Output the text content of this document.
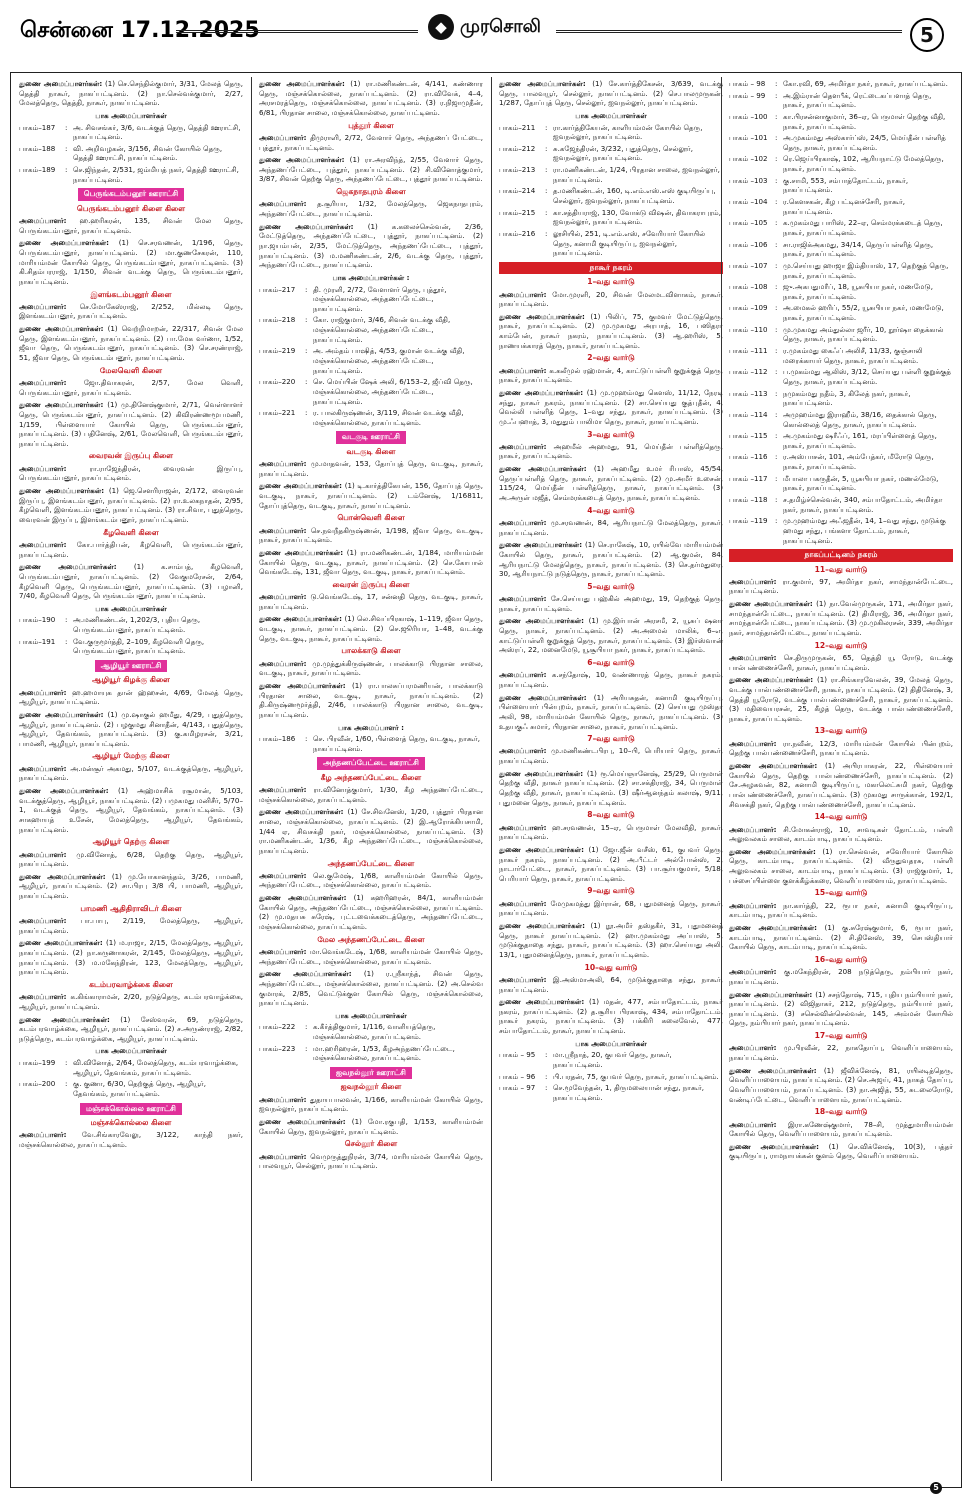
சென்னை 17.12.2025	◆ முரசொலி	5

துணை அமைப்பாளர்கள்: (1) செ.செந்தில்குமார், 3/31, மேலத் தெரு, தெத்தி நாகூர், நாகப்பட்டினம். (2) நா.செல்வக்குமார், 2/27, மேலத்தெரு, தெத்தி, நாகூர், நாகப்பட்டினம்.

பாக அமைப்பாளர்கள்
பாகம்–187	: அ. சிவசங்கர், 3/6, வடக்குத் தெரு, தெத்தி ஊராட்சி, நாகப்பட்டினம்.
பாகம்–188	: வி. அறிவழகன், 3/156, சிவன் கோயில் தெரு, தெத்தி ஊராட்சி, நாகப்பட்டினம்.
பாகம்–189	: செ.ஜிந்தன், 2/531, ஜம்மியத் நகர், தெத்தி ஊராட்சி, நாகப்பட்டினம்.
பெருங்கடம்பனூர் ஊராட்சி
பெருங்கடம்பனூர் கிளை கிளை

அமைப்பாளர்: ஹ.ஹரிகரன், 135, சிவன் மேல தெரு, பெருங்கடம்பனூர், நாகப்பட்டினம்.

துணை அமைப்பாளர்கள்: (1) செ.சரவணன், 1/196, தெரு, பெருங்கடம்பனூர், நாகப்பட்டினம். (2) மா.குணசேகரன், 110, மாரியம்மன் கோயில் தெரு, பெருங்கடம்பனூர், நாகப்பட்டினம். (3) கி.சிதம்பரராஜ், 1/150, சிவன் வடக்கு தெரு, பெருங்கடம்பனூர், நாகப்பட்டினம்.

இளங்கடம்பனூர் கிளை

அமைப்பாளர்: செ.மோகேஸ்ராஜ், 2/252, மில்லடி தெரு, இளங்கடம்பனூர், நாகப்பட்டினம்.

துணை அமைப்பாளர்கள்: (1) வெற்றிமாறன், 22/317, சிவன் மேல தெரு, இளங்கடம்பனூர், நாகப்பட்டினம். (2) பா.மேக வர்ணா, 1/52, ஜீவா தெரு, பெருங்கடம்பனூர், நாகப்பட்டினம். (3) செ.சரண்ராஜ், 51, ஜீவா தெரு, பெருங்கடம்பனூர், நாகப்பட்டினம்.

மேலவெளி கிளை

அமைப்பாளர்: ஜோ.திவாகரன், 2/57, மேல வெளி, பெருங்கடம்பனூர், நாகப்பட்டினம்.

துணை அமைப்பாளர்கள்: (1) மு.தினேஷ்குமார், 2/71, வெள்ளாளர் தெரு, பெருங்கடம்பனூர், நாகப்பட்டினம். (2) கிவிரண்ணமூபமணி, 1/159, பிள்ளையார் கோயில் தெரு, பெருங்கடம்பனூர், நாகப்பட்டினம். (3) பதினேஷ், 2/61, மேலவெளி, பெருங்கடம்பனூர், நாகப்பட்டினம்.

வைரவன் இருப்பு கிளை

அமைப்பாளர்: ரா.ராஜேந்திரன், வைரவன் இருப்பு, பெருங்கடம்பனூர், நாகப்பட்டினம்.

துணை அமைப்பாளர்கள்: (1) ஜெ.சௌரிராஜன், 2/172, வைரவன் இருப்பு, இளங்கடம்பனூர், நாகப்பட்டினம். (2) ரா.உலகநாதன், 2/95, கீழவெளி, இளங்கடம்பனூர், நாகப்பட்டினம். (3) ரா.சிவா, புதுத்தெரு, வைரவன் இருப்பு, இளங்கடம்பனூர், நாகப்பட்டினம்.

கீழவெளி கிளை

அமைப்பாளர்: கோ.பார்த்திபன், கீழவெளி, பெருங்கடம்பனூர், நாகப்பட்டினம்.

துணை அமைப்பாளர்கள்: (1) க.சாம்பத், கீழவெளி, பெருங்கடம்பனூர், நாகப்பட்டினம். (2) வேகுமரேசன், 2/64, கீழவெளி தெரு, பெருங்கடம்பனூர், நாகப்பட்டினம். (3) பழானி, 7/40, கீழவெளி தெரு, பெருங்கடம்பனூர், நாகப்பட்டினம்.

பாக அமைப்பாளர்கள்
பாகம்–190	: அ.மணிகண்டன், 1,202/3, புதிய தெரு, பெருங்கடம்பனூர், நாகப்பட்டினம்.
பாகம்–191	: வே.குருமூர்த்தி, 2–109, கீழவெளி தெரு, பெருங்கடம்பனூர், நாகப்பட்டினம்.
ஆழியூர் ஊராட்சி
ஆழியூர் கிழக்கு கிளை

அமைப்பாளர்: ஹ.ஹமாயுக தான் ஹ்ஹசன், 4/69, மேலத் தெரு, ஆழியூர், நாகப்பட்டினம்.

துணை அமைப்பாளர்கள்: (1) மு.ஷாகுல் ஹமீது, 4/29, புதுத்தெரு, ஆழியூர், நாகப்பட்டினம். (2) பழகுமது சினாதீன், 4/143, புதுத்தெரு, ஆழியூர், தேவங்கம், நாகப்பட்டினம். (3) கு.கமிழரசன், 3/21, பாமணி, ஆழியூர், நாகப்பட்டினம்.

ஆழியூர் மேற்கு கிளை

அமைப்பாளர்: அ.மன்சூர் அகமது, 5/107, வடக்குத்தெரு, ஆழியூர், நாகப்பட்டினம்.

துணை அமைப்பாளர்கள்: (1) அஹ்மாசிக் ரசூமான், 5/103, வடக்குத்தெரு, ஆழியூர், நாகப்பட்டினம். (2) பமுகமது மனிசீர், 5/70–1, வடக்குத் தெரு, ஆழியூர், தேவங்கம், நாகப்பட்டினம். (3) சாகஹாயத் உசேன், மேலத்தெரு, ஆழியூர், தேவங்கம், நாகப்பட்டினம்.

ஆழியூர் தெற்கு கிளை

அமைப்பாளர்: மு.வினோத், 6/28, தெற்கு தெரு, ஆழியூர், நாகப்பட்டினம்.

துணை அமைப்பாளர்கள்: (1) மு.யோகானந்தம், 3/26, பாமணி, ஆழியூர், நாகப்பட்டினம். (2) சா.பிரபு 3/8 பி, பாமணி, ஆழியூர், நாகப்பட்டினம்.

பாமணி ஆதிதிராவிடர் கிளை

அமைப்பாளர்: பா.பாபு, 2/119, மேலத்தெரு, ஆழியூர், நாகப்பட்டினம்.

துணை அமைப்பாளர்கள்: (1) ம.ராஜா, 2/15, மேலத்தெரு, ஆழியூர், நாகப்பட்டினம். (2) நா.கருணாகரன், 2/145, மேலத்தெரு, ஆழியூர், நாகப்பட்டினம். (3) ம.மகேந்திரன், 123, மேலத்தெரு, ஆழியூர், நாகப்பட்டினம்.

கடம்பரவாழ்க்கை கிளை

அமைப்பாளர்: க.கிங்காராமன், 2/20, நடுத்தெரு, கடம்பரவாழ்க்கை, ஆழியூர், நாகப்பட்டினம்.

துணை அமைப்பாளர்கள்: (1) சேஸ்வரன், 69, நடுத்தெரு, கடம்பரவாழ்க்கை, ஆழியூர், நாகப்பட்டினம். (2) ச.அருண்ராஜ், 2/82, நடுத்தெரு, கடம்பரவாழ்க்கை, ஆழியூர், நாகப்பட்டினம்.

பாக அமைப்பாளர்கள்
பாகம்–199	: வி.வினோத், 2/64, மேலத்தெரு, கடம்பரவாழ்க்கை, ஆழியூர், தேவங்கம், நாகப்பட்டினம்.
பாகம்–200	: கு. குணா, 6/30, தெற்குத் தெரு, ஆழியூர், தேவங்கம், நாகப்பட்டினம்.
மஞ்சக்கொல்லை ஊராட்சி
மஞ்சக்கொல்லை கிளை

அமைப்பாளர்: வே.சிங்காரவேலு, 3/122, காந்தி நகர், மஞ்சக்கொல்லை, நாகப்பட்டினம்.

துணை அமைப்பாளர்கள்: (1) ரா.மணிகண்டன், 4/141, கண்ணார தெரு, மஞ்சக்கொல்லை, நாகப்பட்டினம். (2) ரா.விவேக், 4–4, அரசமரத்தெரு, மஞ்சக்கொல்லை, நாகப்பட்டினம். (3) ர.நிஜாமுதீன், 6/81, பிரதான சாலை, மஞ்சக்கொல்லை, நாகப்பட்டினம்.

புத்தூர் கிளை

அமைப்பாளர்: திமுராளி, 2/72, வேளார் தெரு, அந்தணப் பேட்டை, புத்தூர், நாகப்பட்டினம்.

துணை அமைப்பாளர்கள்: (1) ரா.அரவிந்த், 2/55, வேளார் தெரு, அந்தணப்பேட்டை, புத்தூர், நாகப்பட்டினம். (2) சி.வினோத்குமார், 3/87, சிவன் தெற்கு தெரு, அந்தணப்பேட்டை, புத்தூர் நாகப்பட்டினம்.

ஜெகநாதபுரம் கிளை

அமைப்பாளர்: த.சூரியா, 1/32, மேலத்தெரு, ஜெகநாதபுரம், அந்தணப்பேட்டை, நாகப்பட்டினம்.

துணை அமைப்பாளர்கள்: (1) க.கலைச்செல்வன், 2/36, மேட்டுத்தெரு, அந்தணப்பேட்டை, புத்தூர், நாகப்பட்டினம். (2) நா.ஜயம்பன், 2/35, மேட்டுத்தெரு, அந்தணப்பேட்டை, புத்தூர், நாகப்பட்டினம். (3) ம.மணிகண்டன், 2/6, வடக்கு தெரு, புத்தூர், அந்தணப்பேட்டை, நாகப்பட்டினம்.

பாக அமைப்பாளர்கள் :
பாகம்–217	: தி. முரளி, 2/72, வேளாளர் தெரு, புத்தூர், மஞ்சக்கொல்லை, அந்தணப்பேட்டை, நாகப்பட்டினம்.
பாகம்–218	: கோ. ராஜ்குமார், 3/46, சிவன் வடக்கு வீதி, மஞ்சக்கொல்லை, அந்தணப்பேட்டை, நாகப்பட்டினம்.
பாகம்–219	: அ. அம்தம் பாஷித், 4/53, குமான் வடக்கு வீதி, மஞ்சக்கொல்லை, அந்தணப்பேட்டை, நாகப்பட்டினம்.
பாகம்–220	: செ. மெய்பின் ஷேக் அலி, 6/153–2, ஜீப்வி தெரு, மஞ்சக்கொல்லை, அந்தணப்பேட்டை, நாகப்பட்டினம்.
பாகம்–221	: ர. பாலகிருஷ்ணன், 3/119, சிவன் வடக்கு வீதி, மஞ்சக்கொல்லை, நாகப்பட்டினம்.
வடகுடி ஊராட்சி
வடகுடி கிளை

அமைப்பாளர்: மு.மாதவன், 153, தோப்புத் தெரு, வடகுடி, நாகூர், நாகப்பட்டினம்.

துணை அமைப்பாளர்கள்: (1) டி.கார்த்திகேயன், 156, தோப்புத் தெரு, வடகுடி, நாகூர், நாகப்பட்டினம். (2) டம்னேஷ், 1/16811, தோப்புத்தெரு, வடகுடி, நாகூர், நாகப்பட்டினம்.

பொன்வெளி கிளை

அமைப்பாளர்: செ.நவநீதகிருஷ்ணன், 1/198, ஜீவா தெரு, வடகுடி, நாகூர், நாகப்பட்டினம்.

துணை அமைப்பாளர்கள்: (1) ரா.மணிகண்டன், 1/184, மாரியம்மன் கோயில் தெரு, வடகுடி, நாகூர், நாகப்பட்டினம். (2) செ.கோபால் வெங்கடேஷ், 131, ஜீவா தெரு, வடகுடி, நாகூர், நாகப்பட்டினம்.

வைரன் இருப்பு கிளை

அமைப்பாளர்: டு.வெங்கடேஷ், 17, சன்னதி தெரு, வடகுடி, நாகூர், நாகப்பட்டினம்.

துணை அமைப்பாளர்கள்: (1) லெ.சிவப்பிரகாஷ், 1–119, ஜீவா தெரு, வடகுடி, நாகூர், நாகப்பட்டினம். (2) செ.ஜூரியா, 1–48, வடக்கு தெரு, வடகுடி, நாகூர், நாகப்பட்டினம்.

பாலக்காடு கிளை

அமைப்பாளர்: மு.முத்துக்கிருஷ்ணன், பாலக்காடு பிரதான சாலை, வடகுடி, நாகூர், நாகப்பட்டினம்.

துணை அமைப்பாளர்கள்: (1) ரா.பாலசுப்பரமணியன், பாலக்காடு பிரதான சாலை, வடகுடி, நாகூர், நாகப்பட்டினம். (2) தி.கிருஷ்ணமூர்த்தி, 2/46, பாலக்காடு பிரதான சாலை, வடகுடி, நாகப்பட்டினம்.

பாக அமைப்பாளர் :
பாகம்–186	: செ. பிரவீன், 1/60, பிள்ளைத் தெரு, வடகுடி, நாகூர், நாகப்பட்டினம்.
அந்தணப்பேட்டை ஊராட்சி
கீழ அந்தணப்பேட்டை கிளை

அமைப்பாளர்: ரா.வினோத்குமார், 1/30, கீழ அந்தணப்பேட்டை, மஞ்சக்கொல்லை, நாகப்பட்டினம்.

துணை அமைப்பாளர்கள்: (1) சே.சிவனேஸ், 1/20, புத்தூர் பிரதான சாலை, மஞ்சக்கொல்லை, நாகப்பட்டினம். (2) இ.ஆரோக்கியசாமி, 1/44 ஏ, சிவசக்தி நகர், மஞ்சக்கொல்லை, நாகப்பட்டினம். (3) ரா.மணிகண்டன், 1/36, கீழ அந்தணப்பேட்டை, மஞ்சக்கொல்லை, நாகப்பட்டினம்.

அந்தணப்பேட்டை கிளை

அமைப்பாளர்: லெ.குமேஷ், 1/68, காளியம்மன் கோயில் தெரு, அந்தணப்பேட்டை, மஞ்சக்கொல்லை, நாகப்பட்டினம்.

துணை அமைப்பாளர்கள்: (1) கஹரிஹரன், 84/1, காளியம்மன் கோயில் தெரு, அந்தணப்பேட்டை, மஞ்சக்கொல்லை, நாகப்பட்டினம். (2) மு.மதயசு சுரேஷ், புட்டவைக்கடைத்தெரு, அந்தணப்பேட்டை, மஞ்சக்கொல்லை, நாகப்பட்டினம்.

மேல அந்தணப்பேட்டை கிளை

அமைப்பாளர்: மா.வெங்கடேஷ், 1/68, காளியம்மன் கோயில் தெரு, அந்தணப்பேட்டை, மஞ்சக்கொல்லை, நாகப்பட்டினம்.

துணை அமைப்பாளர்கள்: (1) ர.ஸ்ரீகாந்த், சிவன் தெரு, அந்தணப்பேட்டை, மஞ்சக்கொல்லை, நாகப்பட்டினம். (2) அ.செல்வ குமாரக், 2/85, வெட்டுக்குள கோயில் தெரு, மஞ்சக்கொல்லை, நாகப்பட்டினம்.

பாக அமைப்பாளர்கள்
பாகம்–222	: க.கீர்த்திகுமார், 1/116, வாளியத்தெரு, மஞ்சக்கொல்லை, நாகப்பட்டினம்.
பாகம்–223	: மா.ஹரிஹரன், 1/53, கீழஅந்தணப்பேட்டை, மஞ்சக்கொல்லை, நாகப்பட்டினம்.
ஐவநல்லூர் ஊராட்சி
ஐவநல்லூர் கிளை

அமைப்பாளர்: துதாயபாலவன், 1/166, காளியம்மன் கோயில் தெரு, ஐவநல்லூர், நாகப்பட்டினம்.

துணை அமைப்பாளர்கள்: (1) மோ.ரகுபதி, 1/153, காளியம்மன் கோயில் தெரு, ஐவநல்லூர், நாகப்பட்டினம்.

செல்லூர் கிளை

அமைப்பாளர்: வெமுருத்துநிரன், 3/74, மாரியம்மன் கோயில் தெரு, பாலவயூர், செல்லூர், நாகப்பட்டினம்.

துணை அமைப்பாளர்கள்: (1) சே.கார்த்திகேசன், 3/639, வடக்கு தெரு, பாலவயூர், செல்லூர், நாகப்பட்டினம். (2) செ.பாலமுருகன், 1/287, தோப்புத் தெரு, செல்லூர், ஐவநல்லூர், நாகப்பட்டினம்.

பாக அமைப்பாளர்கள்
பாகம்–211	: ரா.கார்த்திகேயன், காளியம்மன் கோயில் தெரு, ஐவநல்லூர், நாகப்பட்டினம்.
பாகம்–212	: சு.கஜேந்திரன், 3/232, புதுத்தெரு, செல்லூர், ஐவநல்லூர், நாகப்பட்டினம்.
பாகம்–213	: ரா.மணிகண்டன், 1/24, பிரதான சாலை, ஐவநல்லூர், நாகப்பட்டினம்.
பாகம்–214	: த.மணிகண்டன், 160, டி.எம்.எஸ்.எஸ் குடியிருப்பு, செல்லூர், ஐவநல்லூர், நாகப்பட்டினம்.
பாகம்–215	: கா.சத்தியராஜ், 130, வோக்டு விஷன், திவாகராபுரம், ஐவநல்லூர், நாகப்பட்டினம்.
பாகம்–216	: லூசியில், 251, டி.எம்.எஸ், சவேரியார் கோயில் தெரு, கனாமி குடியிருப்பு, ஐவநல்லூர், நாகப்பட்டினம்.
நாகூர் நகரம்
1–வது வார்டு

அமைப்பாளர்: மோ.முரளி, 20, சிவன் மேலமடவிளாகம், நாகூர், நாகப்பட்டினம்.

துணை அமைப்பாளர்கள்: (1) பிலிப், 75, குமவர் மேட்டுத்தெரு, நாகூர், நாகப்பட்டினம். (2) மு.முகமது அரபாத், 16, பஸிதரா காம்பேன், நாகூர் நகரம், நாகப்பட்டினம். (3) ஆ.ஹரிஸ், 5, நாணயக்காரத் தெரு, நாகூர், நாகப்பட்டினம்.

2–வது வார்டு

அமைப்பாளர்: க.கலீமுல் ரஹ்மான், 4, காட்டுப்பள்ளி குறுக்குத் தெரு, நாகூர், நாகப்பட்டினம்.

துணை அமைப்பாளர்கள்: (1) மு.முஹம்மது கௌஸ், 11/12, நேரடி சந்து, நாகூர் நகரம், நாகப்பட்டினம். (2) சா.செய்யது குத்புதீன், 4, வெல்லி பள்ளித் தெரு, 1–வது சந்து, நாகூர், நாகப்பட்டினம். (3) மு.ஃபஹாத், 3, மதுதும் பாலிமா தெரு, நாகூர், நாகப்பட்டினம்.

3–வது வார்டு

அமைப்பாளர்: அஹமீல் அஹமது, 91, மெய்தீன் பள்ளித்தெரு, நாகூர், நாகப்பட்டினம்.

துணை அமைப்பாளர்கள்: (1) அஹமீது உமர் ரிபாஸ், 45/54, தெருப்பள்ளித் தெரு, நாகூர், நாகப்பட்டினம். (2) மு.அமீர் உசைன், 115/24, மெய்தீன் பள்ளித்தெரு, நாகூர், நாகப்பட்டினம். (3) அ.அருள் மஜீத், செம்மரக்கடைத் தெரு, நாகூர், நாகப்பட்டினம்.

4–வது வார்டு

அமைப்பாளர்: மு.சரவணன், 84, ஆரியநாட்டு மேலத்தெரு, நாகூர், நாகப்பட்டினம்.

துணை அமைப்பாளர்கள்: (1) செ.ராகேஷ், 10, ரயில்வே மாரியம்மன் கோயில் தெரு, நாகூர், நாகப்பட்டினம். (2) ஆ.குமன், 84, ஆரியநாட்டு மேலத்தெரு, நாகூர், நாகப்பட்டினம். (3) செ.தர்மதுரை, 30, ஆரியநாட்டு நடுத்தெரு, நாகூர், நாகப்பட்டினம்.

5–வது வார்டு

அமைப்பாளர்: சே.செய்யது பஹ்கில் அஹமது, 19, தெற்குத் தெரு, நாகூர், நாகப்பட்டினம்.

துணை அமைப்பாளர்கள்: (1) மு.இர்பான் அரசமீ, 2, யூசுப் ஷனா தெரு, நாகூர், நாகப்பட்டினம். (2) அ.அமைல் மாலிக், 6–எ, காட்டுப்பள்ளி குறுக்குத் தெரு, நாகூர், நாகப்பட்டினம். (3) இர்ஸ்வான் அஸ்ரப், 22, மனைமேடு, யூசூபியா நகர், நாகூர், நாகப்பட்டினம்.

6–வது வார்டு

அமைப்பாளர்: க.சந்தோஷ், 10, வண்ணாரத் தெரு, நாகூர் நகரம், நாகப்பட்டினம்.

துணை அமைப்பாளர்கள்: (1) அரியசுதன், கனாமி குடியிருப்பு, பிள்ளையார் பின்புறம், நாகூர், நாகப்பட்டினம். (2) செய்யது முஸ்தா அலி, 98, மாரியம்மன் கோயில் தெரு, நாகூர், நாகப்பட்டினம். (3) உதயகுஃ சுமார், பிரதான சாலை, நாகூர், நாகப்பட்டினம்.

7–வது வார்டு

அமைப்பாளர்: மு.மணிகண்டபிரபு, 10–பி, பெரியார் தெரு, நாகூர், நாகப்பட்டினம்.

துணை அமைப்பாளர்கள்: (1) ரூ.மெய்ஞானேஷ், 25/29, பெருமாள் தெற்கு வீதி, நாகூர் நாகப்பட்டினம். (2) சா.சக்திராஜ், 34, பெருமாள் தெற்கு வீதி, நாகூர், நாகப்பட்டினம். (3) ஷீர்ஆனந்தம் கலாஷ், 9/11, புதுமனை தெரு, நாகூர், நாகப்பட்டினம்.

8–வது வார்டு

அமைப்பாளர்: ஹ.சரவணன், 15–ஏ, பெருமாள் மேலவீதி, நாகூர், நாகப்பட்டினம்.

துணை அமைப்பாளர்கள்: (1) ஜோ.ஜீன் வசீஸ், 61, குபவர் தெரு, நாகூர் நகரம், நாகப்பட்டினம். (2) அ.பீட்டர் அல்போன்ஸ், 2, நாடார்பேட்டை, நாகூர், நாகப்பட்டினம். (3) பா.சூர்யகுமார், 5/18, பெரியார் தெரு, நாகூர், நாகப்பட்டினம்.

9–வது வார்டு

அமைப்பாளர்: மேமுகமத்து இர்ரான், 68, புதுமனைத் தெரு, நாகூர், நாகப்பட்டினம்.

துணை அமைப்பாளர்கள்: (1) நூ.அமீர் தஸ்தகீர், 31, புதுமனைத் தெரு, நாகூர் நாகப்பட்டினம். (2) ஹா.முகம்மது அப்பாஸ், 5, முடுக்குதாதை சந்து, நாகூர், நாகப்பட்டினம். (3) ஹா.செய்யது அலி, 13/1, புதுமனைத்தெரு, நாகூர், நாகப்பட்டினம்.

10–வது வார்டு

அமைப்பாளர்: இ.அஸ்மாஅலி, 64, முடுக்குதாதை சந்து, நாகூர், நாகப்பட்டினம்.

துணை அமைப்பாளர்கள்: (1) மதன், 477, சம்பாதோட்டம், நாகூர் நகரம், நாகப்பட்டினம். (2) த.சூரிய பிரகாஷ், 434, சம்பாதோட்டம், நாகூர் நகரம், நாகப்பட்டினம். (3) பக்கிரி கலைவேல், 477, சம்பாதோட்டம், நாகூர், நாகப்பட்டினம்.

பாக அமைப்பாளர்கள்
பாகம் – 95	: மா.ஸ்ரீநாத், 20, குபவர் தெரு, நாகூர், நாகப்பட்டினம்.
பாகம் – 96	: பி.பரதன், 75, குபவர் தெரு, நாகூர், நாகப்பட்டினம்.
பாகம் – 97	: செ.மூவேந்தன், 1, திருமலையான் சந்து, நாகூர், நாகப்பட்டினம்.
பாகம் – 98	: கோ.ரவி, 69, அமிர்தா நகர், நாகூர், நாகப்பட்டினம்.
பாகம் – 99	: அ.இம்ரான் தௌபீக், ரெட்டைகப்பளாத் தெரு, நாகூர், நாகப்பட்டினம்.
பாகம் –100	: கா.பிரசன்னாகுமார், 36–ஏ, பெருமாள் தெற்கு வீதி, நாகூர், நாகப்பட்டினம்.
பாகம் –101	: அ.முகம்மது அஸ்கார்ப்ஸ், 24/5, மெய்தீன் பள்ளித் தெரு, நாகூர், நாகப்பட்டினம்.
பாகம் –102	: ரெ.ஜெய்பிரகாஷ், 102, ஆரியநாட்டு மேலத்தெரு, நாகூர், நாகப்பட்டினம்.
பாகம் –103	: கு.சாமி, 553, சம்பாத்தோட்டம், நாகூர், நாகப்பட்டினம்.
பாகம் –104	: ர.கௌசகன், கீழ பட்டினச்சேரி, நாகூர், நாகப்பட்டினம்.
பாகம் –105	: க.முகம்மது பாரிஸ், 22–ஏ, செம்மரக்கடைத் தெரு, நாகூர், நாகப்பட்டினம்.
பாகம் –106	: சா.ராஜிக்அகமது, 34/14, தெருப்பள்ளித் தெரு, நாகூர், நாகப்பட்டினம்.
பாகம் –107	: மு.செய்யது ஹாஜா இம்தியாஸ், 17, தெற்குத் தெரு, நாகூர், நாகப்பட்டினம்.
பாகம் –108	: ஜு.அகபதுமரீப், 18, யூசுபியா நகர், மணமேடு, நாகூர், நாகப்பட்டினம்.
பாகம் –109	: அ.மைகல் ஹரிப், 55/2, யூசுபியா நகர், மணமேடு, நாகூர், நாகப்பட்டினம்.
பாகம் –110	: மு.முகமது அம்துல்லா ஜரீர், 10, நூர்ஷா தைக்கால் தெரு, நாகூர், நாகப்பட்டினம்.
பாகம் –111	: ர.முகம்மது கைஃப் அலிசீ, 11/33, குஞ்சாலி மரைக்காயர் தெரு, நாகூர், நாகப்பட்டினம்.
பாகம் –112	: ப.முகம்மது ஆலிஸ், 3/12, செய்யது பள்ளி குறுக்குத் தெரு, நாகூர், நாகப்பட்டினம்.
பாகம் –113	: நமுகம்மது நதீம், 3, கிலேத் நகர், நாகூர், நாகப்பட்டினம்.
பாகம் –114	: அமுஹம்மது இராஹீம், 38/16, தைக்கால் தெரு, கொல்லைத் தெரு, நாகூர், நாகப்பட்டினம்.
பாகம் –115	: அ.முகம்மது ஷரீஃப், 161, மரப்பிள்ளைத் தெரு, நாகூர், நாகப்பட்டினம்.
பாகம் –116	: ர.அஸ்பாசன், 101, அம்பேத்கர், மீரோடு தெரு, நாகூர், நாகப்பட்டினம்.
பாகம் –117	: மீபாலா பகருதீன், 5, யூசுபியா நகர், மணல்மேடு, நாகூர், நாகப்பட்டினம்.
பாகம் –118	: ச.தமிழ்ச்செல்வன், 340, சம்பாதோட்டம், அமிர்தா நகர், நாகூர், நாகப்பட்டினம்.
பாகம் –119	: மு.முஹம்மது அஃஜதீன், 14, 1–வது சந்து, முடுக்கு ஹமது சந்து, பங்களா தோட்டம், நாகூர், நாகப்பட்டினம்.
நாகப்பட்டினம் நகரம்
11–வது வார்டு

அமைப்பாளர்: ரா.குமார், 97, அமிர்தா நகர், சாமந்தான்பேட்டை, நாகப்பட்டினம்.

துணை அமைப்பாளர்கள்: (1) நா.வேல்முருகன், 171, அமிர்தா நகர், சாமந்தான்பேட்டை, நாகப்பட்டினம். (2) திமிராஜ், 36, அமிர்தா நகர், சாமந்தான்பேட்டை, நாகப்பட்டினம். (3) மு.முகிலரசன், 339, அமிர்தா நகர், சாமந்தான்பேட்டை, நாகப்பட்டினம்.

12–வது வார்டு

அமைப்பாளர்: செ.திருமுருகன், 65, தெத்தி யூ ரோடு, வடக்கு பால்பண்ணைச்சேரி, நாகூர், நாகப்பட்டினம்.

துணை அமைப்பாளர்கள்: (1) ரா.சிங்காரவேலன், 39, மேலத் தெரு, வடக்கு பால்பண்ணைச்சேரி, நாகூர், நாகப்பட்டினம். (2) திதினேஷ், 3, தெத்தி யூரோடு, வடக்கு பால்பண்ணைச்சேரி, நாகூர், நாகப்பட்டினம். (3) மதிவையரசன், 25, கீழத் தெரு, வடக்கு பால்பண்ணைச்சேரி, நாகூர், நாகப்பட்டினம்.

13–வது வார்டு

அமைப்பாளர்: ரா.நவீன், 12/3, மாரியம்மன் கோயில் பின்புறம், தெற்கு பால்பண்ணைச்சேரி, நாகப்பட்டினம்.

துணை அமைப்பாளர்கள்: (1) அபிரபாகரன், 22, பிள்ளையார் கோயில் தெரு, தெற்கு பால்பண்ணைச்சேரி, நாகப்பட்டினம். (2) சே.அழகவன், 82, கனாமி குடியிருப்பு, மகாலெட்சுமி நகர், தெற்கு பால்பண்ணைச்சேரி, நாகப்பட்டினம். (3) முகமது சாருக்கான், 192/1, சிவசக்தி நகர், தெற்கு பால்பண்ணைச்சேரி, நாகப்பட்டினம்.

14–வது வார்டு

அமைப்பாளர்: சி.மோகன்ராஜ், 10, சாவடிகள் தோட்டம், பள்ளி அலுவலகம் சாலை, காடம்பாடி, நாகப்பட்டினம்.

துணை அமைப்பாளர்கள்: (1) ரா.செல்வன், சவேரியார் கோயில் தெரு, காடம்பாடி, நாகப்பட்டினம். (2) வீருதுவதரசு, பள்ளி அலுவலகம் சாலை, காடம்பாடி, நாகப்பட்டினம். (3) ராஜ்குமார், 1, பச்சைப்பிள்ளை குளக்கீழ்க்கரை, வெளிப்பாளையம், நாகப்பட்டினம்.

15–வது வார்டு

அமைப்பாளர்: நா.கார்த்தி, 22, ரூபா நகர், கனாமி குடியிருப்பு, காடம்பாடி, நாகப்பட்டினம்.

துணை அமைப்பாளர்கள்: (1) கு.சுரேஷ்குமார், 6, ரூபா நகர், காடம்பாடி, நாகப்பட்டினம். (2) சி.தினேஸ், 39, செபஸ்தியார் கோயில் தெரு, காடம்பாடி, நாகப்பட்டினம்.

16–வது வார்டு

அமைப்பாளர்: கு.மகேந்திரன், 208 நடுத்தெரு, நம்பியார் நகர், நாகப்பட்டினம்.

துணை அமைப்பாளர்கள்: (1) சசந்தோஷ், 715, புதிய நம்பியார் நகர், நாகப்பட்டினம். (2) விஜிதாகர், 212, நடுத்தெரு, நம்பியார் நகர், நாகப்பட்டினம். (3) சசெல்வின்செல்வன், 145, அம்மன் கோயில் தெரு, நம்பியார் நகர், நாகப்பட்டினம்.

17–வது வார்டு

அமைப்பாளர்: மு.பிரவீன், 22, நாகதோப்பு, வெளிப்பாளையம், நாகப்பட்டினம்.

துணை அமைப்பாளர்கள்: (1) ஜீவிக்னேஷ், 81, ரயிலடித்தெரு, வெளிப்பாளையம், நாகப்பட்டினம். (2) செ.அஜய், 41, நாகத் தோப்பு, வெளிப்பாளையம், நாகப்பட்டினம். (3) நா.அஜித், 55, சுடலைரோடு, வண்டிப்பேட்டை, வெளிப்பாளையம், நாகப்பட்டினம்.

18–வது வார்டு

அமைப்பாளர்: இரா.கணேஷ்குமார், 78–சி, முத்துமாரியம்மன் கோயில் தெரு, வெளிப்பாளையம், நாகப்பட்டினம்.

துணை அமைப்பாளர்கள்: (1) செ.விக்னேஷ், 10(3), பத்தர் குடியிருப்பு, ராமநாயக்கன் குளம் தெரு, வெளிப்பாளையம்.

5
